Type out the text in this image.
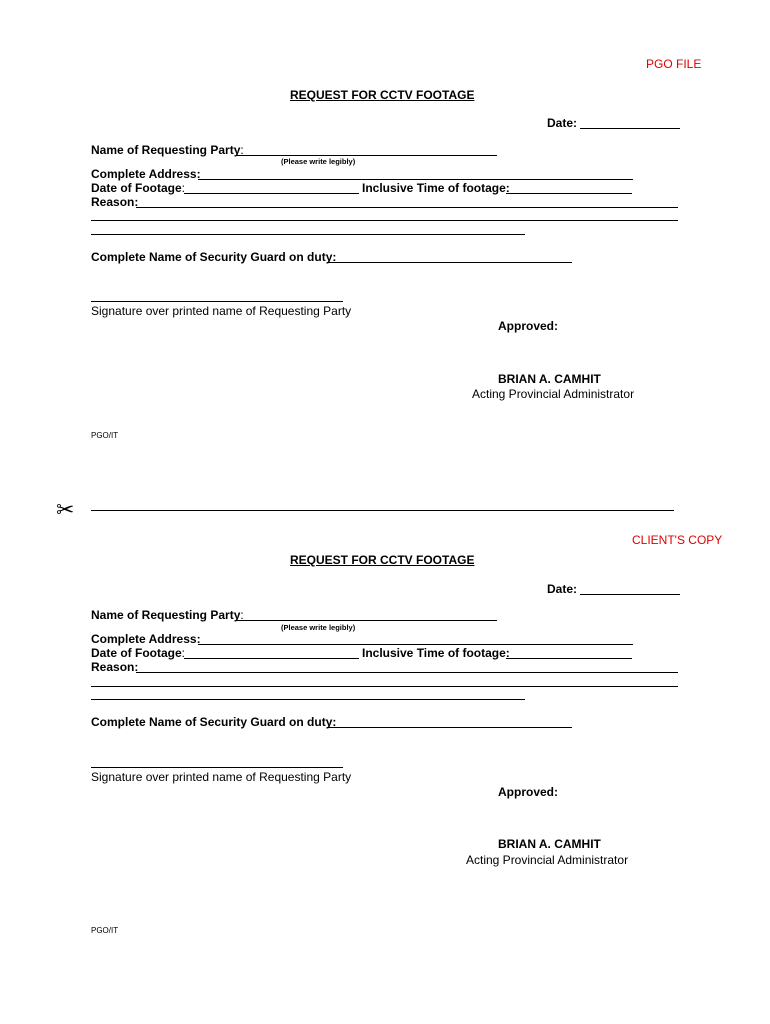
PGO FILE
REQUEST FOR CCTV FOOTAGE
Date:
Name of Requesting Party:
(Please write legibly)
Complete Address:
Date of Footage:	Inclusive Time of footage:
Reason:
Complete Name of Security Guard on duty:
Signature over printed name of Requesting Party
Approved:
BRIAN A. CAMHIT
Acting Provincial Administrator
PGO/IT
✂
CLIENT'S COPY
REQUEST FOR CCTV FOOTAGE
Date:
Name of Requesting Party:
(Please write legibly)
Complete Address:
Date of Footage:	Inclusive Time of footage:
Reason:
Complete Name of Security Guard on duty:
Signature over printed name of Requesting Party
Approved:
BRIAN A. CAMHIT
Acting Provincial Administrator
PGO/IT
